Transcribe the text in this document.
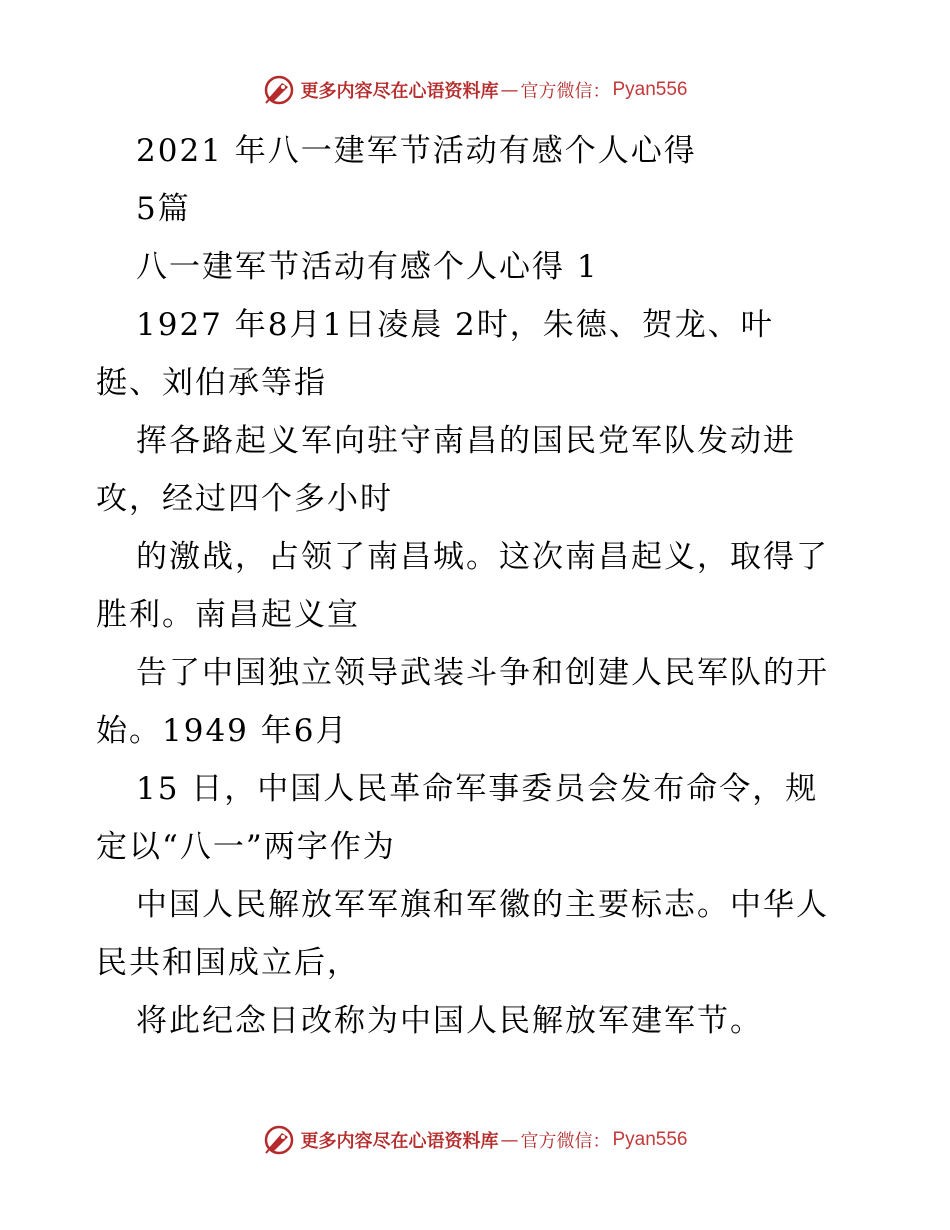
更多内容尽在心语资料库 — 官方微信： Pyan556
2021 年八一建军节活动有感个人心得
5篇
八一建军节活动有感个人心得 1
1927 年8月1日凌晨 2时，朱德、贺龙、叶
挺、刘伯承等指
挥各路起义军向驻守南昌的国民党军队发动进
攻，经过四个多小时
的激战，占领了南昌城。这次南昌起义，取得了
胜利。南昌起义宣
告了中国独立领导武装斗争和创建人民军队的开
始。1949 年6月
15 日，中国人民革命军事委员会发布命令，规
定以“八一”两字作为
中国人民解放军军旗和军徽的主要标志。中华人
民共和国成立后，
将此纪念日改称为中国人民解放军建军节。
更多内容尽在心语资料库 — 官方微信： Pyan556
